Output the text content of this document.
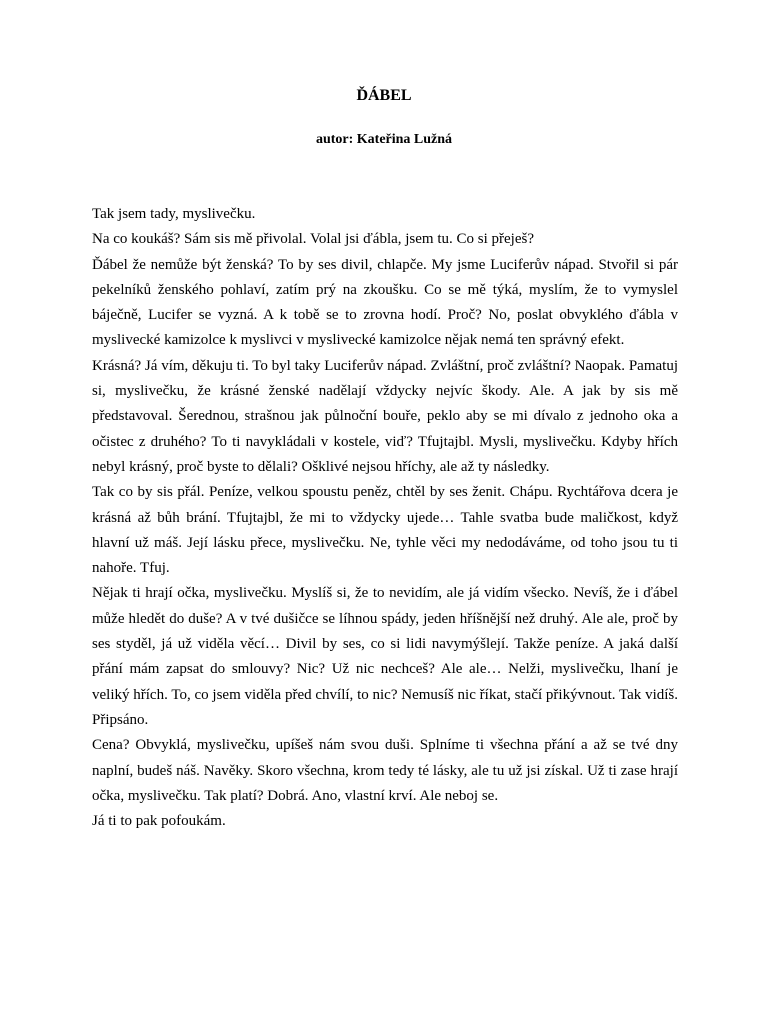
ĎÁBEL
autor: Kateřina Lužná

Tak jsem tady, myslivečku.

Na co koukáš? Sám sis mě přivolal. Volal jsi ďábla, jsem tu. Co si přeješ?

Ďábel že nemůže být ženská? To by ses divil, chlapče. My jsme Luciferův nápad. Stvořil si pár pekelníků ženského pohlaví, zatím prý na zkoušku. Co se mě týká, myslím, že to vymyslel báječně, Lucifer se vyzná. A k tobě se to zrovna hodí. Proč? No, poslat obvyklého ďábla v myslivecké kamizolce k myslivci v myslivecké kamizolce nějak nemá ten správný efekt.

Krásná? Já vím, děkuju ti. To byl taky Luciferův nápad. Zvláštní, proč zvláštní? Naopak. Pamatuj si, myslivečku, že krásné ženské nadělají vždycky nejvíc škody. Ale. A jak by sis mě představoval. Šerednou, strašnou jak půlnoční bouře, peklo aby se mi dívalo z jednoho oka a očistec z druhého? To ti navykládali v kostele, viď? Tfujtajbl. Mysli, myslivečku. Kdyby hřích nebyl krásný, proč byste to dělali? Ošklivé nejsou hříchy, ale až ty následky.

Tak co by sis přál. Peníze, velkou spoustu peněz, chtěl by ses ženit. Chápu. Rychtářova dcera je krásná až bůh brání. Tfujtajbl, že mi to vždycky ujede… Tahle svatba bude maličkost, když hlavní už máš. Její lásku přece, myslivečku. Ne, tyhle věci my nedodáváme, od toho jsou tu ti nahoře. Tfuj.

Nějak ti hrají očka, myslivečku. Myslíš si, že to nevidím, ale já vidím všecko. Nevíš, že i ďábel může hledět do duše? A v tvé dušičce se líhnou spády, jeden hříšnější než druhý. Ale ale, proč by ses styděl, já už viděla věcí… Divil by ses, co si lidi navymýšlejí. Takže peníze. A jaká další přání mám zapsat do smlouvy? Nic? Už nic nechceš? Ale ale… Nelži, myslivečku, lhaní je veliký hřích. To, co jsem viděla před chvílí, to nic? Nemusíš nic říkat, stačí přikývnout. Tak vidíš. Připsáno.

Cena? Obvyklá, myslivečku, upíšeš nám svou duši. Splníme ti všechna přání a až se tvé dny naplní, budeš náš. Navěky. Skoro všechna, krom tedy té lásky, ale tu už jsi získal. Už ti zase hrají očka, myslivečku. Tak platí? Dobrá. Ano, vlastní krví. Ale neboj se.

Já ti to pak pofoukám.
